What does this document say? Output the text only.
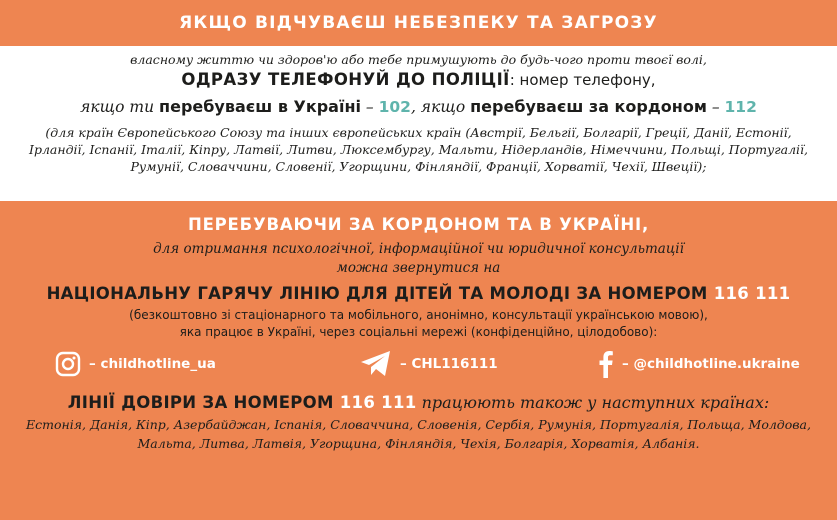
ЯКЩО ВІДЧУВАЄШ НЕБЕЗПЕКУ ТА ЗАГРОЗУ
власному життю чи здоров'ю або тебе примушують до будь-чого проти твоєї волі,
ОДРАЗУ ТЕЛЕФОНУЙ ДО ПОЛІЦІЇ: номер телефону,
якщо ти перебуваєш в Україні – 102, якщо перебуваєш за кордоном – 112
(для країн Європейського Союзу та інших європейських країн (Австрії, Бельгії, Болгарії, Греції, Данії, Естонії, Ірландії, Іспанії, Італії, Кіпру, Латвії, Литви, Люксембургу, Мальти, Нідерландів, Німеччини, Польщі, Португалії, Румунії, Словаччини, Словенії, Угорщини, Фінляндії, Франції, Хорватії, Чехії, Швеції);
ПЕРЕБУВАЮЧИ ЗА КОРДОНОМ ТА В УКРАЇНІ,
для отримання психологічної, інформаційної чи юридичної консультації
можна звернутися на
НАЦІОНАЛЬНУ ГАРЯЧУ ЛІНІЮ ДЛЯ ДІТЕЙ ТА МОЛОДІ ЗА НОМЕРОМ 116 111
(безкоштовно зі стаціонарного та мобільного, анонімно, консультації українською мовою),
яка працює в Україні, через соціальні мережі (конфіденційно, цілодобово):
– childhotline_ua	– CHL116111	– @childhotline.ukraine
ЛІНІЇ ДОВІРИ ЗА НОМЕРОМ 116 111 працюють також у наступних країнах:
Естонія, Данія, Кіпр, Азербайджан, Іспанія, Словаччина, Словенія, Сербія, Румунія, Португалія, Польща, Молдова, Мальта, Литва, Латвія, Угорщина, Фінляндія, Чехія, Болгарія, Хорватія, Албанія.
